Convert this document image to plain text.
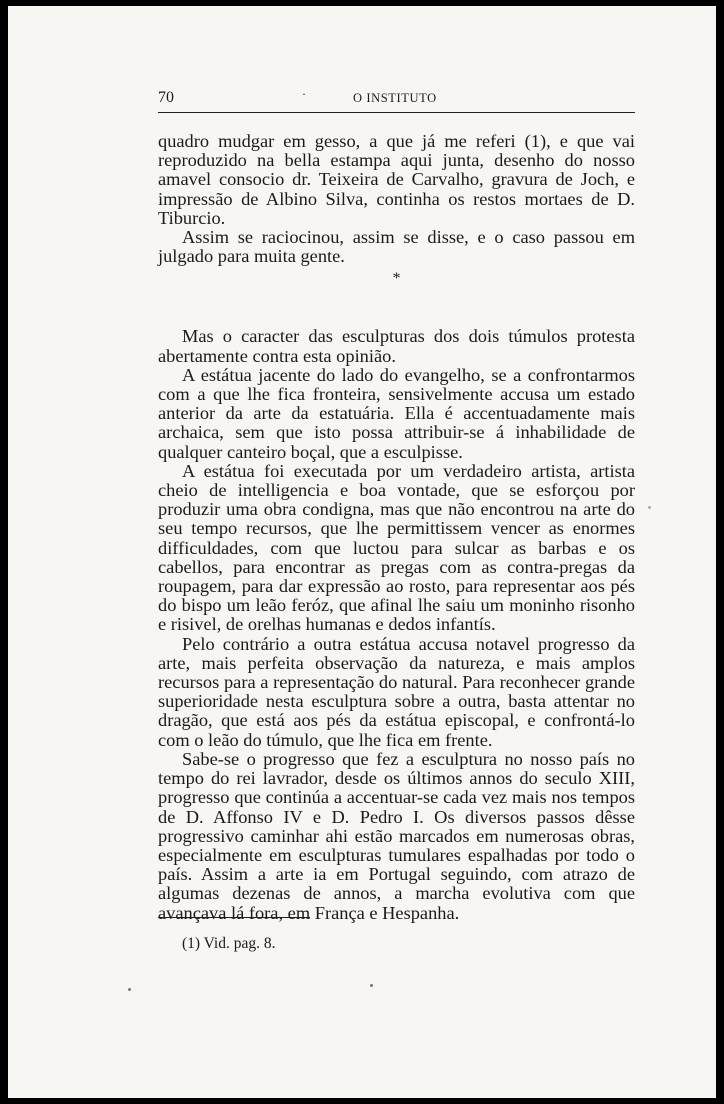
70	·	O INSTITUTO

quadro mudgar em gesso, a que já me referi (1), e que vai reproduzido na bella estampa aqui junta, desenho do nosso amavel consocio dr. Teixeira de Carvalho, gravura de Joch, e impressão de Albino Silva, continha os restos mortaes de D. Tiburcio.

Assim se raciocinou, assim se disse, e o caso passou em julgado para muita gente.

*

Mas o caracter das esculpturas dos dois túmulos protesta abertamente contra esta opinião.

A estátua jacente do lado do evangelho, se a confrontarmos com a que lhe fica fronteira, sensivelmente accusa um estado anterior da arte da estatuária. Ella é accentuadamente mais archaica, sem que isto possa attribuir-se á inhabilidade de qualquer canteiro boçal, que a esculpisse.

A estátua foi executada por um verdadeiro artista, artista cheio de intelligencia e boa vontade, que se esforçou por produzir uma obra condigna, mas que não encontrou na arte do seu tempo recursos, que lhe permittissem vencer as enormes difficuldades, com que luctou para sulcar as barbas e os cabellos, para encontrar as pregas com as contra-pregas da roupagem, para dar expressão ao rosto, para representar aos pés do bispo um leão feróz, que afinal lhe saiu um moninho risonho e risivel, de orelhas humanas e dedos infantís.

Pelo contrário a outra estátua accusa notavel progresso da arte, mais perfeita observação da natureza, e mais amplos recursos para a representação do natural. Para reconhecer grande superioridade nesta esculptura sobre a outra, basta attentar no dragão, que está aos pés da estátua episcopal, e confrontá-lo com o leão do túmulo, que lhe fica em frente.

Sabe-se o progresso que fez a esculptura no nosso país no tempo do rei lavrador, desde os últimos annos do seculo XIII, progresso que continúa a accentuar-se cada vez mais nos tempos de D. Affonso IV e D. Pedro I. Os diversos passos dêsse progressivo caminhar ahi estão marcados em numerosas obras, especialmente em esculpturas tumulares espalhadas por todo o país. Assim a arte ia em Portugal seguindo, com atrazo de algumas dezenas de annos, a marcha evolutiva com que avançava lá fora, em França e Hespanha.

(1) Vid. pag. 8.
